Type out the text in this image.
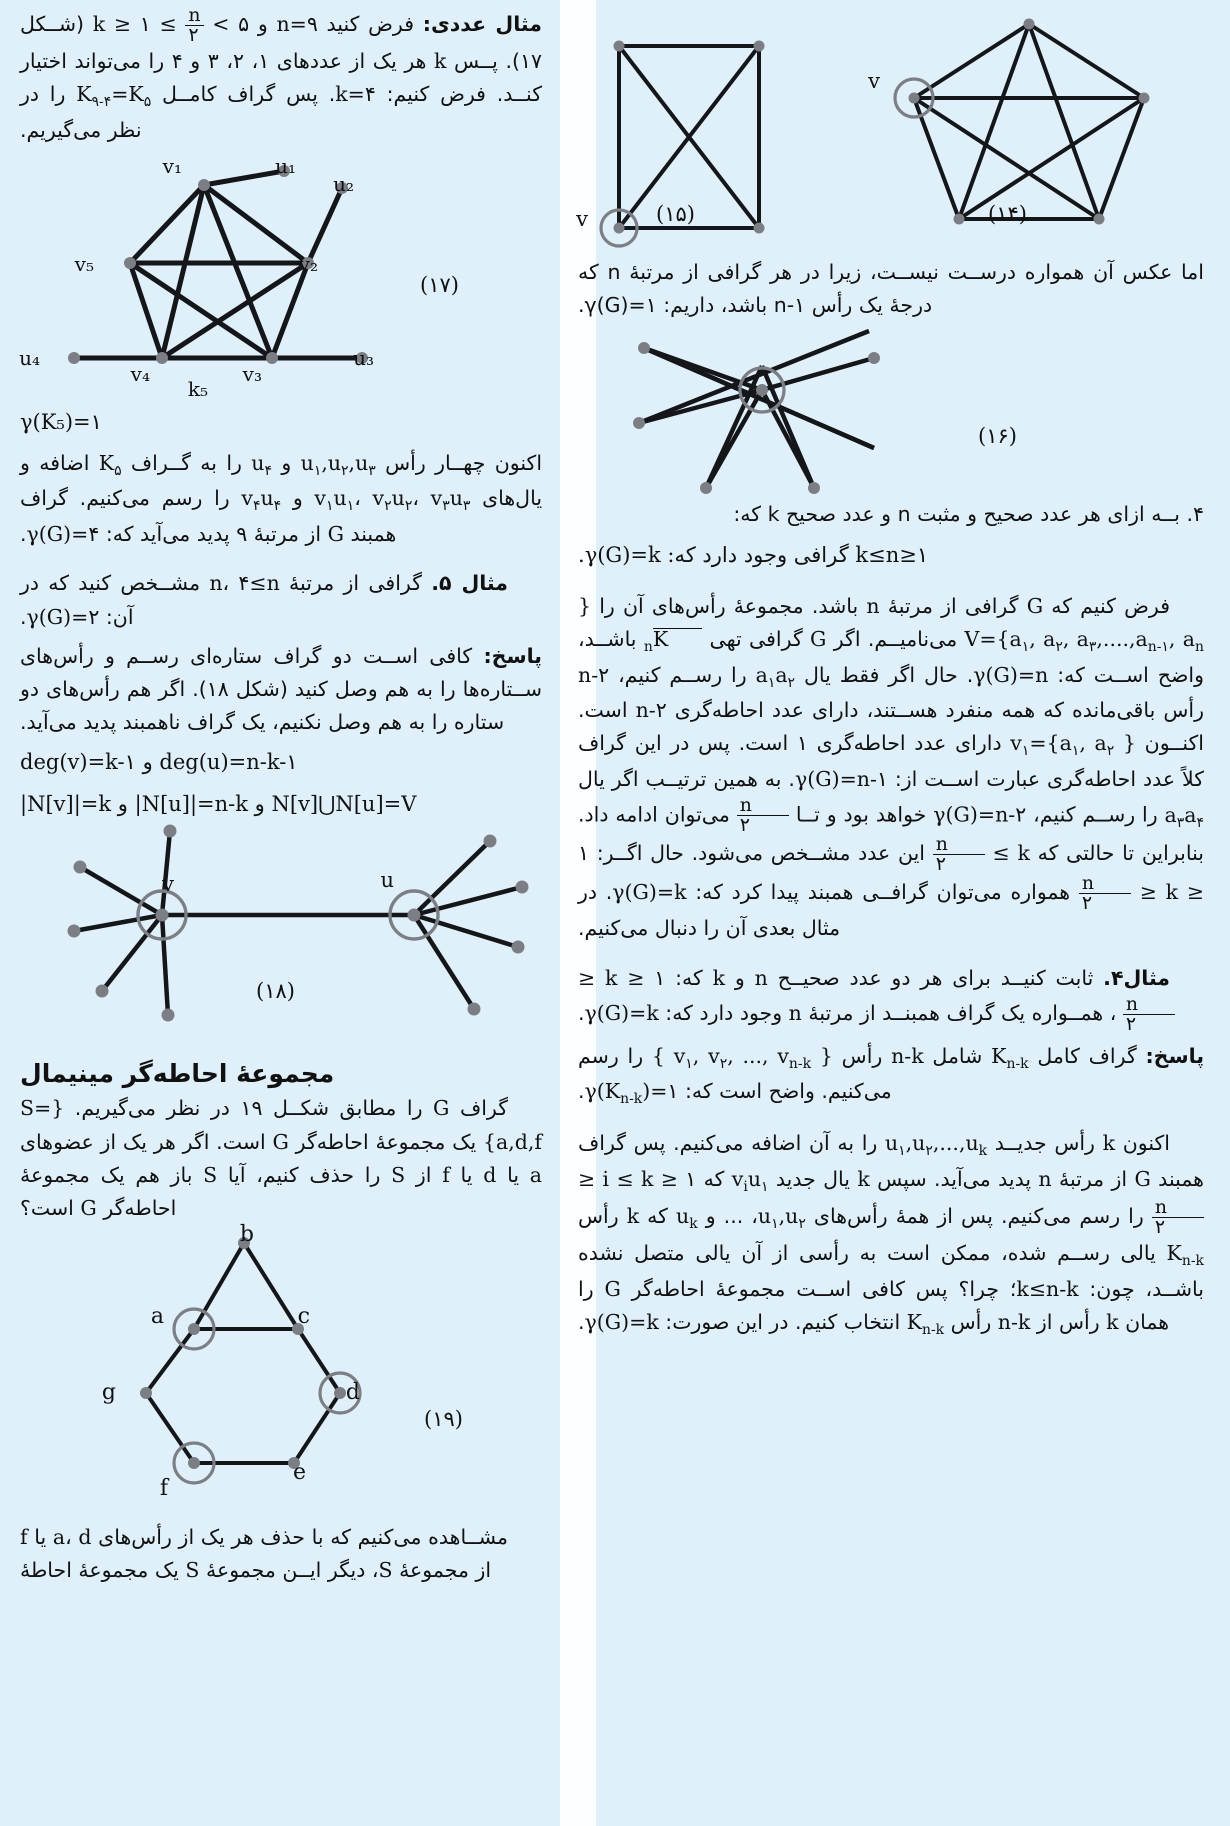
v
v
(۱۵)	(۱۴)

اما عکس آن همواره درســت نیســت، زیرا در هر گرافی از مرتبۀ n که درجۀ یک رأس n-۱ باشد، داریم: γ(G)=۱.

(۱۶)

۴. بــه ازای هر عدد صحیح و مثبت n و عدد صحیح k که:

۱≤k≤n گرافی وجود دارد که: γ(G)=k.

فرض کنیم که G گرافی از مرتبۀ n باشد. مجموعۀ رأس‌های آن را { $V=\{a_۱$, $a_۲$, $a_۳,....,a_{n-۱}$, $a_n$ می‌نامیــم. اگر G گرافی تهی $K_n$ باشــد، واضح اســت که: γ(G)=n. حال اگر فقط یال $a_۱a_۲$ را رســم کنیم، n-۲ رأس باقی‌مانده که همه منفرد هســتند، دارای عدد احاطه‌گری n-۲ است. اکنــون $v_۱=\{a_۱$, $a_۲$ } دارای عدد احاطه‌گری ۱ است. پس در این گراف کلاً عدد احاطه‌گری عبارت اســت از: γ(G)=n-۱. به همین ترتیــب اگر یال $a_۳a_۴$ را رســم کنیم، γ(G)=n-۲ خواهد بود و تــا
$\frac{n}{۲}$
می‌توان ادامه داد. بنابراین تا حالتی که k ≥
$\frac{n}{۲}$
این عدد مشــخص می‌شود. حال اگــر: ۱ ≤ k ≤
$\frac{n}{۲}$
همواره می‌توان گرافــی همبند پیدا کرد که: γ(G)=k. در مثال بعدی آن را دنبال می‌کنیم.

مثال۴. ثابت کنیــد برای هر دو عدد صحیــح n و k که: ۱ ≤ k ≤
$\frac{n}{۲}$
، همــواره یک گراف همبنــد از مرتبۀ n وجود دارد که: γ(G)=k.

پاسخ: گراف کامل $K_{n-k}$ شامل n-k رأس { $v_۱$, $v_۲$, ..., $v_{n-k}$ } را رسم می‌کنیم. واضح است که: $\gamma(K_{n-k})=۱$.

اکنون k رأس جدیــد $u_۱,u_۲,...,u_k$ را به آن اضافه می‌کنیم. پس گراف همبند G از مرتبۀ n پدید می‌آید. سپس k یال جدید $v_iu_۱$ که ۱ ≤ i ≤ k ≤
$\frac{n}{۲}$
را رسم می‌کنیم. پس از همۀ رأس‌های $u_۱,u_۲،$ ... و $u_k$ که k رأس $K_{n-k}$ یالی رســم شده، ممکن است به رأسی از آن یالی متصل نشده باشــد، چون: k≤n-k؛ چرا؟ پس کافی اســت مجموعۀ احاطه‌گر G را همان k رأس از n-k رأس $K_{n-k}$ انتخاب کنیم. در این صورت: γ(G)=k.

مثال عددی: فرض کنید n=۹ و ۵ >
$\frac{n}{۲}$
≥ k ≥ ۱ (شــکل ۱۷). پــس k هر یک از عددهای ۱، ۲، ۳ و ۴ را می‌تواند اختیار کنــد. فرض کنیم: k=۴. پس گراف کامــل $K_{۹-۴}=K_۵$ را در نظر می‌گیریم.

v₁
v₂
v₃
v₄
v₅
u₁
u₂
u₃
u₄
k₅
(۱۷)

γ(K₅)=۱

اکنون چهــار رأس $u_۱,u_۲,u_۳$ و $u_۴$ را به گــراف $K_۵$ اضافه و یال‌های $v_۱u_۱،$ $v_۲u_۲،$ $v_۳u_۳$ و $v_۴u_۴$ را رسم می‌کنیم. گراف همبند G از مرتبۀ ۹ پدید می‌آید که: γ(G)=۴.

مثال ۵. گرافی از مرتبۀ n، ۴≤n مشــخص کنید که در آن: γ(G)=۲.

پاسخ: کافی اســت دو گراف ستاره‌ای رســم و رأس‌های ســتاره‌ها را به هم وصل کنید (شکل ۱۸). اگر هم رأس‌های دو ستاره را به هم وصل نکنیم، یک گراف ناهمبند پدید می‌آید.

deg(v)=k-۱ و deg(u)=n-k-۱

|N[v]|=k و |N[u]|=n-k و N[v]⋃N[u]=V

v	u
(۱۸)
مجموعۀ احاطه‌گر مینیمال

گراف G را مطابق شکــل ۱۹ در نظر می‌گیریم. {S={a,d,f یک مجموعۀ احاطه‌گر G است. اگر هر یک از عضوهای a یا d یا f از S را حذف کنیم، آیا S باز هم یک مجموعۀ احاطه‌گر G است؟

b
a	c
d
e
f
g
(۱۹)

مشــاهده می‌کنیم که با حذف هر یک از رأس‌های a، d یا f از مجموعۀ S، دیگر ایــن مجموعۀ S یک مجموعۀ احاطۀ
